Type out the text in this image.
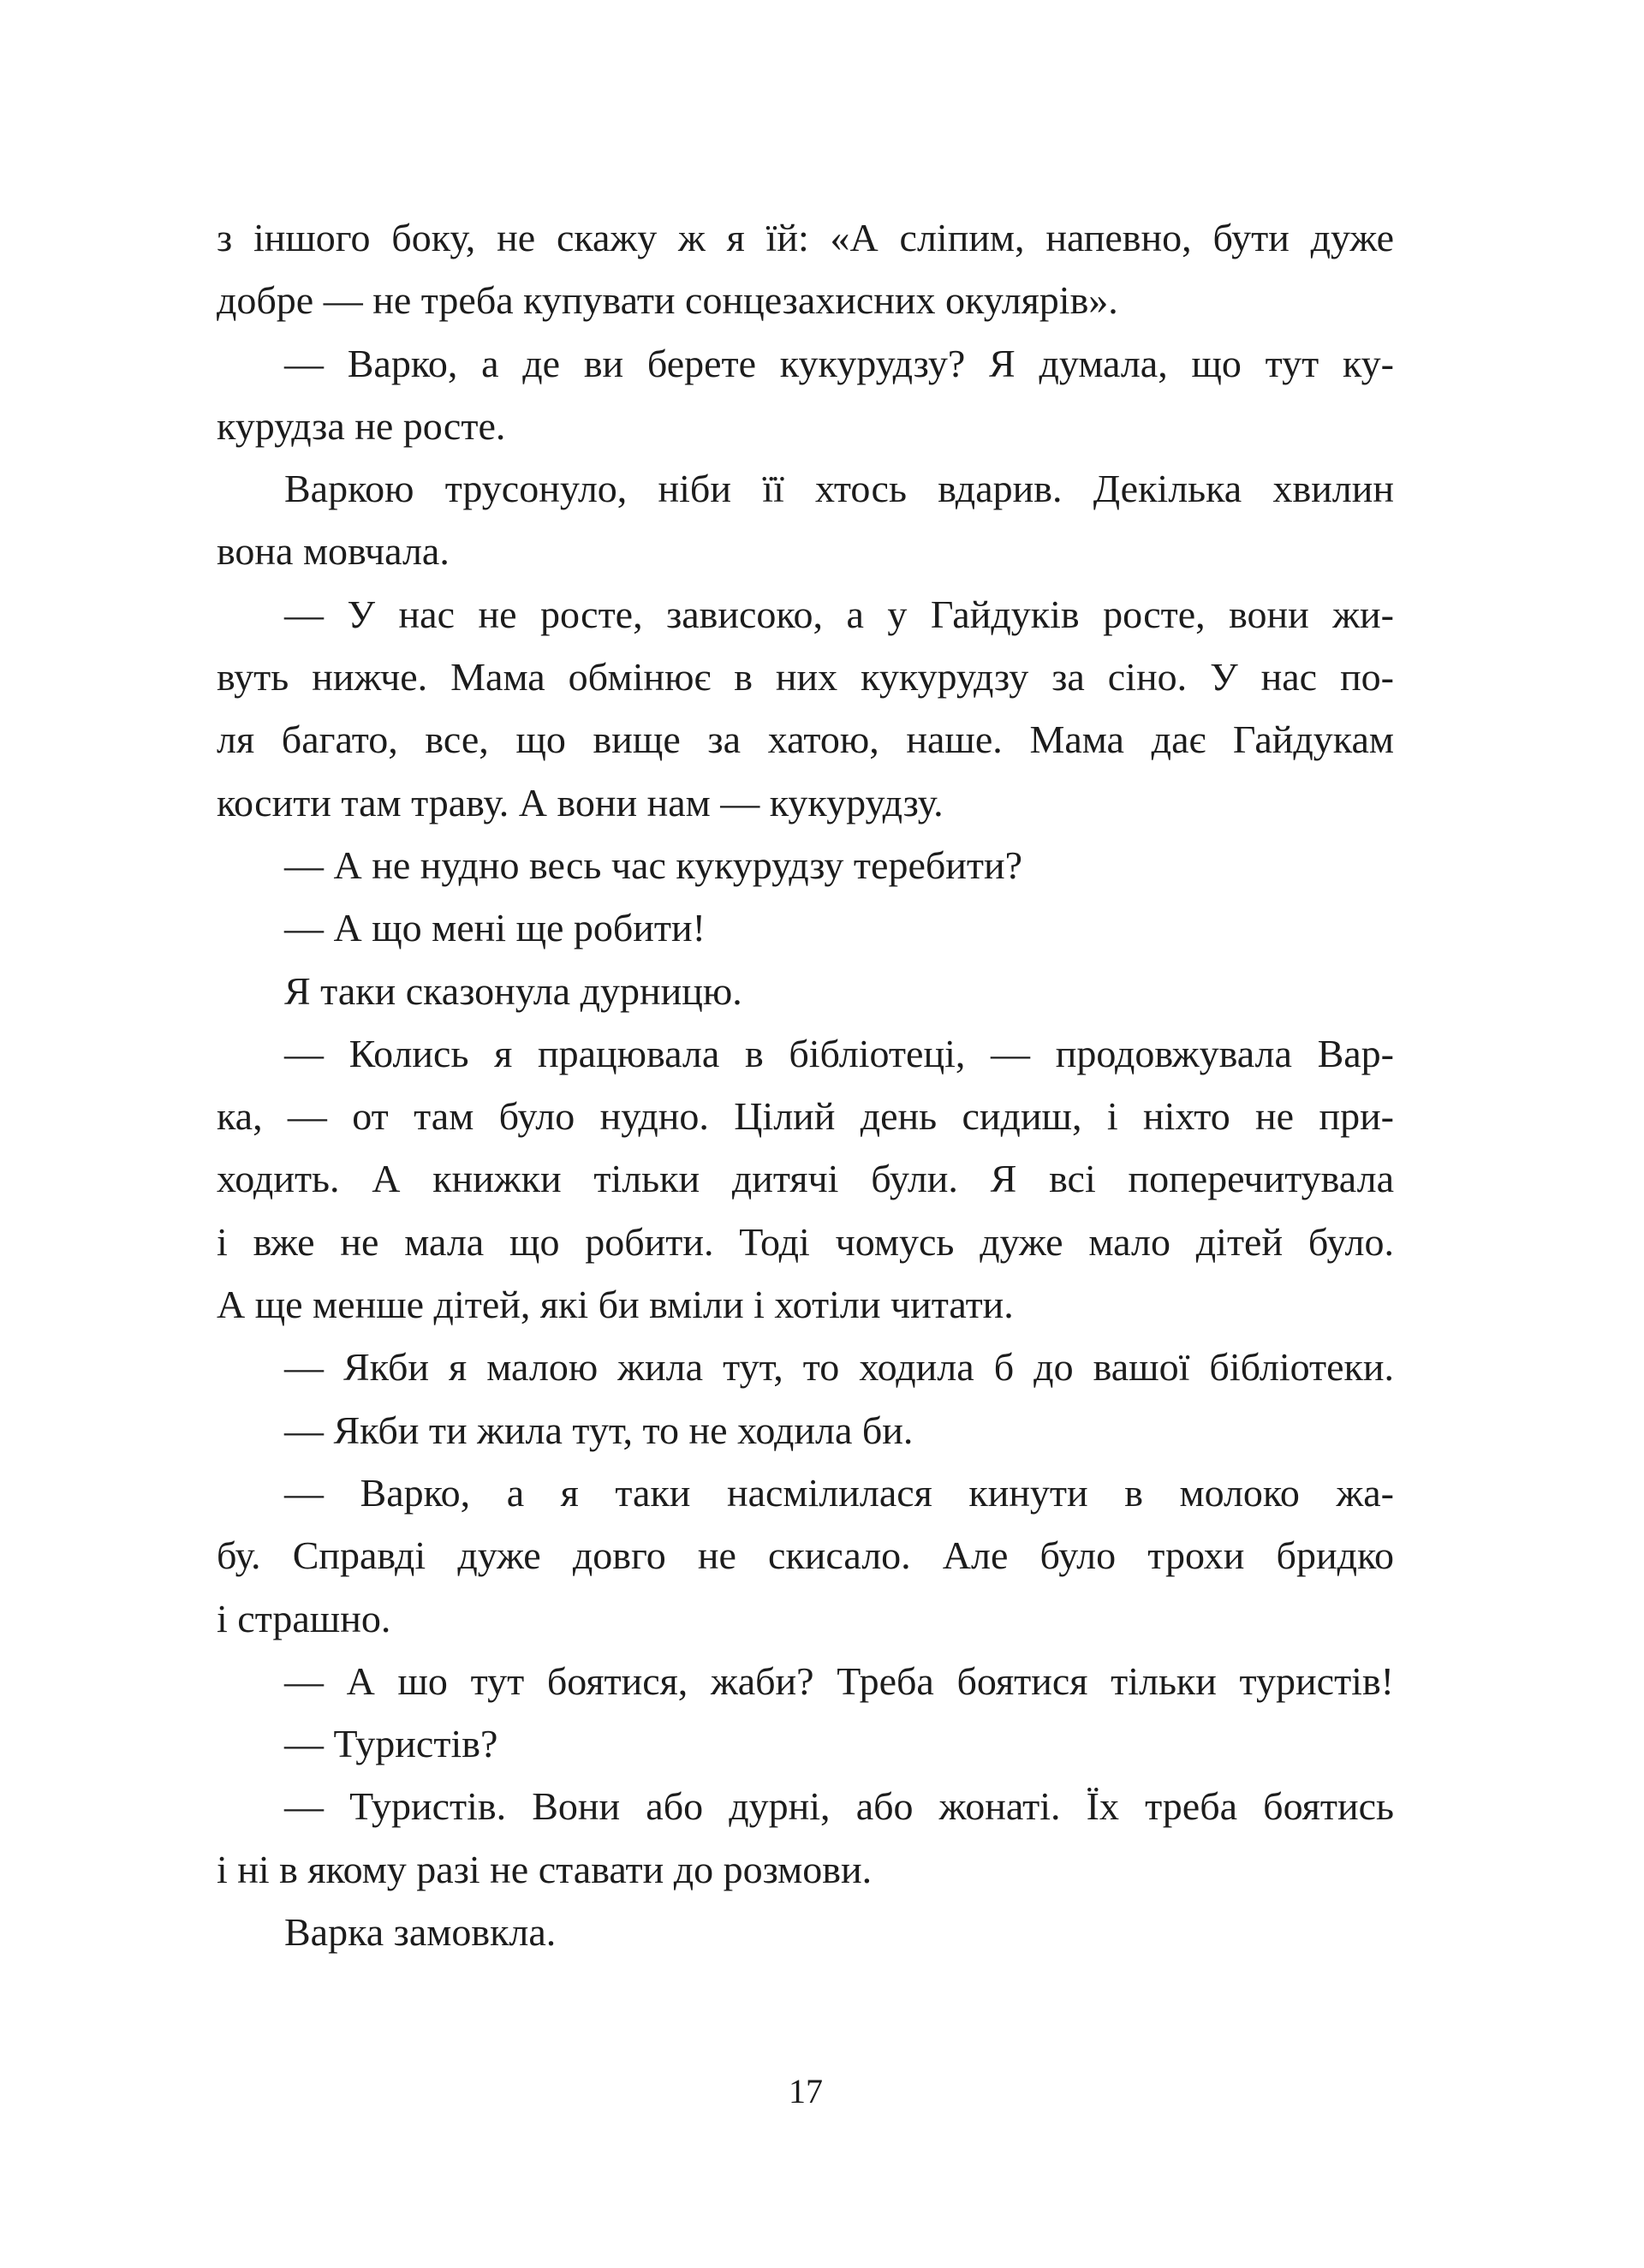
з іншого боку, не скажу ж я їй: «А сліпим, напевно, бути дуже
добре — не треба купувати сонцезахисних окулярів».
— Варко, а де ви берете кукурудзу? Я думала, що тут ку-
курудза не росте.
Варкою трусонуло, ніби її хтось вдарив. Декілька хвилин
вона мовчала.
— У нас не росте, зависоко, а у Гайдуків росте, вони жи-
вуть нижче. Мама обмінює в них кукурудзу за сіно. У нас по-
ля багато, все, що вище за хатою, наше. Мама дає Гайдукам
косити там траву. А вони нам — кукурудзу.
— А не нудно весь час кукурудзу теребити?
— А що мені ще робити!
Я таки сказонула дурницю.
— Колись я працювала в бібліотеці, — продовжувала Вар-
ка, — от там було нудно. Цілий день сидиш, і ніхто не при-
ходить. А книжки тільки дитячі були. Я всі поперечитувала
і вже не мала що робити. Тоді чомусь дуже мало дітей було.
А ще менше дітей, які би вміли і хотіли читати.
— Якби я малою жила тут, то ходила б до вашої бібліотеки.
— Якби ти жила тут, то не ходила би.
— Варко, а я таки насмілилася кинути в молоко жа-
бу. Справді дуже довго не скисало. Але було трохи бридко
і страшно.
— А шо тут боятися, жаби? Треба боятися тільки туристів!
— Туристів?
— Туристів. Вони або дурні, або жонаті. Їх треба боятись
і ні в якому разі не ставати до розмови.
Варка замовкла.
17
